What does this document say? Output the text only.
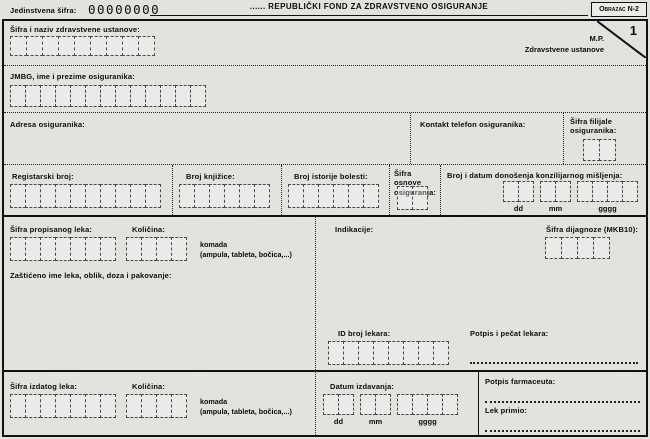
Jedinstvena šifra: 00000000	...... REPUBLIČKI FOND ZA ZDRAVSTVENO OSIGURANJE	Obrazac N-2
Šifra i naziv zdravstvene ustanove:
M.P.
Zdravstvene ustanove
1
JMBG, ime i prezime osiguranika:
Adresa osiguranika:	Kontakt telefon osiguranika:	Šifra filijale osiguranika:
Registarski broj:	Broj knjižice:	Broj istorije bolesti:	Šifra osnove osiguranja:
Broj i datum donošenja konzilijarnog mišljenja:
dd	mm	gggg
Šifra propisanog leka:	Količina:
komada
(ampula, tableta, bočica,...)
Zaštićeno ime leka, oblik, doza i pakovanje:
Indikacije:	Šifra dijagnoze (MKB10):
ID broj lekara:	Potpis i pečat lekara:
Šifra izdatog leka:	Količina:
komada
(ampula, tableta, bočica,...)
Datum izdavanja:
dd	mm	gggg
Potpis farmaceuta:
Lek primio:
